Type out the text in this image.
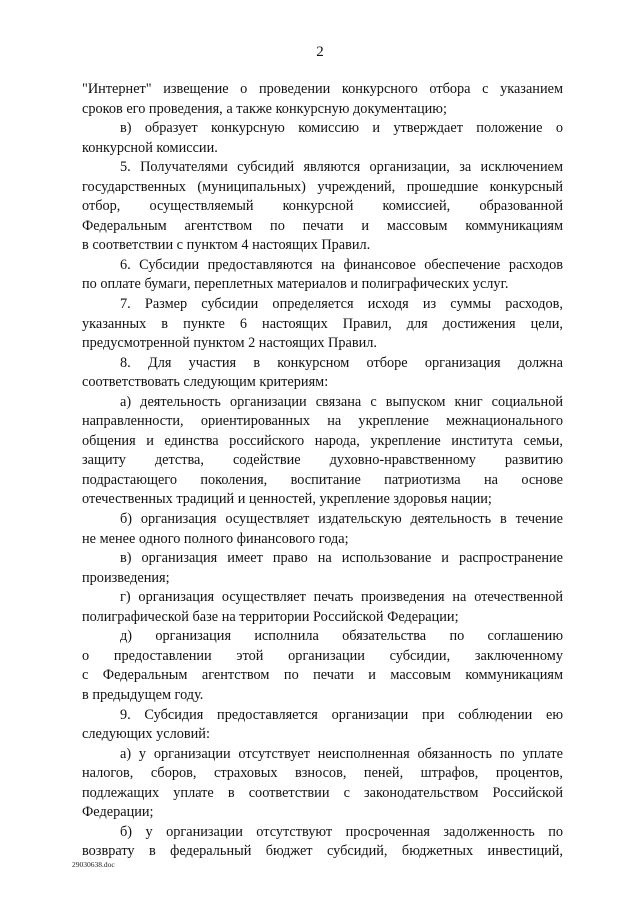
2
"Интернет" извещение о проведении конкурсного отбора с указанием
сроков его проведения, а также конкурсную документацию;
в) образует конкурсную комиссию и утверждает положение о
конкурсной комиссии.
5. Получателями субсидий являются организации, за исключением
государственных (муниципальных) учреждений, прошедшие конкурсный
отбор, осуществляемый конкурсной комиссией, образованной
Федеральным агентством по печати и массовым коммуникациям
в соответствии с пунктом 4 настоящих Правил.
6. Субсидии предоставляются на финансовое обеспечение расходов
по оплате бумаги, переплетных материалов и полиграфических услуг.
7. Размер субсидии определяется исходя из суммы расходов,
указанных в пункте 6 настоящих Правил, для достижения цели,
предусмотренной пунктом 2 настоящих Правил.
8. Для участия в конкурсном отборе организация должна
соответствовать следующим критериям:
а) деятельность организации связана с выпуском книг социальной
направленности, ориентированных на укрепление межнационального
общения и единства российского народа, укрепление института семьи,
защиту детства, содействие духовно-нравственному развитию
подрастающего поколения, воспитание патриотизма на основе
отечественных традиций и ценностей, укрепление здоровья нации;
б) организация осуществляет издательскую деятельность в течение
не менее одного полного финансового года;
в) организация имеет право на использование и распространение
произведения;
г) организация осуществляет печать произведения на отечественной
полиграфической базе на территории Российской Федерации;
д) организация исполнила обязательства по соглашению
о предоставлении этой организации субсидии, заключенному
с Федеральным агентством по печати и массовым коммуникациям
в предыдущем году.
9. Субсидия предоставляется организации при соблюдении ею
следующих условий:
а) у организации отсутствует неисполненная обязанность по уплате
налогов, сборов, страховых взносов, пеней, штрафов, процентов,
подлежащих уплате в соответствии с законодательством Российской
Федерации;
б) у организации отсутствуют просроченная задолженность по
возврату в федеральный бюджет субсидий, бюджетных инвестиций,
29030638.doc
